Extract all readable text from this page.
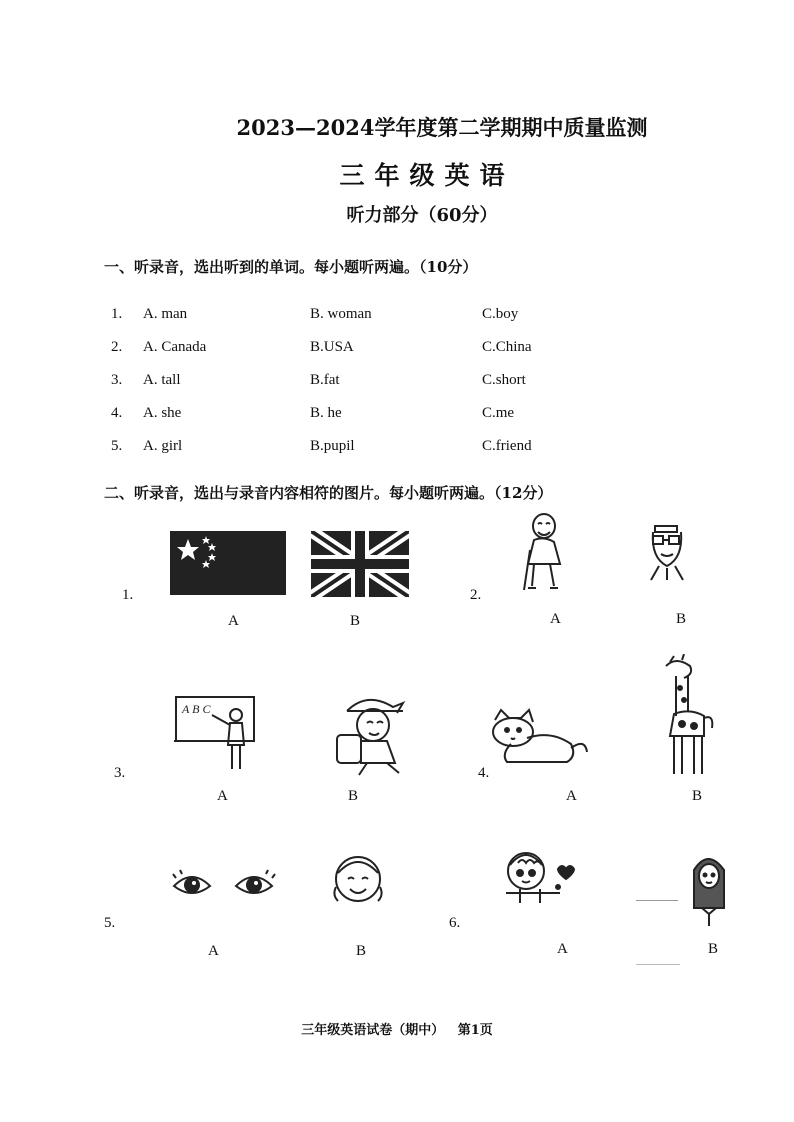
2023—2024学年度第二学期期中质量监测
三年级英语
听力部分（60分）
一、听录音，选出听到的单词。每小题听两遍。（10分）
1. A. man	B. woman	C.boy
2. A. Canada	B.USA	C.China
3. A. tall	B.fat	C.short
4. A. she	B. he	C.me
5. A. girl	B.pupil	C.friend
二、听录音，选出与录音内容相符的图片。每小题听两遍。（12分）
1.
A	B
2.
A	B
3.
A B C
A	B
4.
A	B
5.
A	B
6.
A	B
三年级英语试卷（期中）   第1页
